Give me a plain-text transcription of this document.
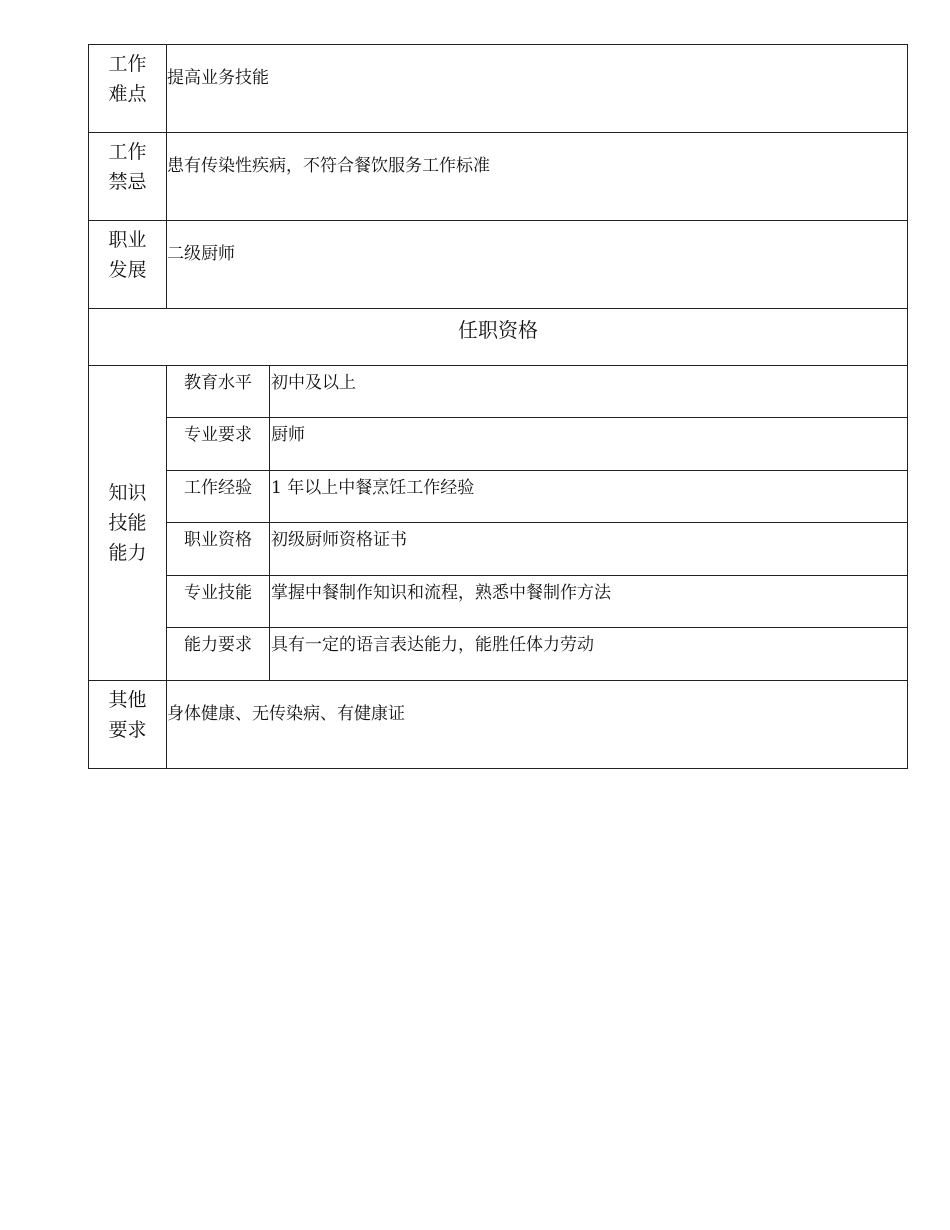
工作
难点	提高业务技能	

工作
禁忌	患有传染性疾病，不符合餐饮服务工作标准	

职业
发展	二级厨师	
任职资格		

知识
技能
能力	教育水平	初中及以上
	专业要求	厨师
	工作经验	1 年以上中餐烹饪工作经验
	职业资格	初级厨师资格证书
	专业技能	掌握中餐制作知识和流程，熟悉中餐制作方法
	能力要求	具有一定的语言表达能力，能胜任体力劳动

其他
要求	身体健康、无传染病、有健康证	
